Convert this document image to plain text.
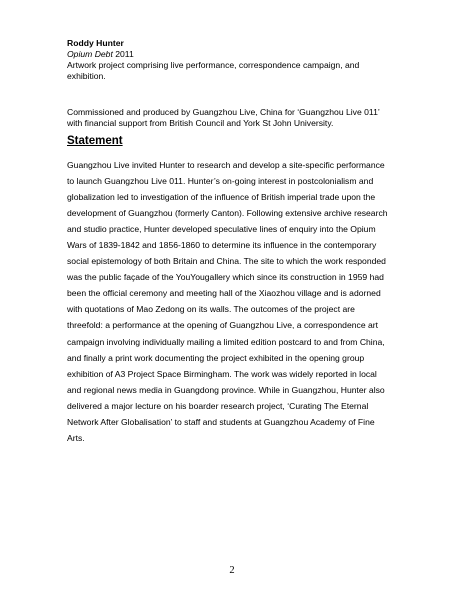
Roddy Hunter
Opium Debt 2011
Artwork project comprising live performance, correspondence campaign, and exhibition.
Commissioned and produced by Guangzhou Live, China for ‘Guangzhou Live 011’ with financial support from British Council and York St John University.
Statement
Guangzhou Live invited Hunter to research and develop a site-specific performance
to launch Guangzhou Live 011. Hunter’s on-going interest in postcolonialism and
globalization led to investigation of the influence of British imperial trade upon the
development of Guangzhou (formerly Canton). Following extensive archive research
and studio practice, Hunter developed speculative lines of enquiry into the Opium
Wars of 1839-1842 and 1856-1860 to determine its influence in the contemporary
social epistemology of both Britain and China. The site to which the work responded
was the public façade of the YouYougallery which since its construction in 1959 had
been the official ceremony and meeting hall of the Xiaozhou village and is adorned
with quotations of Mao Zedong on its walls. The outcomes of the project are
threefold: a performance at the opening of Guangzhou Live, a correspondence art
campaign involving individually mailing a limited edition postcard to and from China,
and finally a print work documenting the project exhibited in the opening group
exhibition of A3 Project Space Birmingham. The work was widely reported in local
and regional news media in Guangdong province. While in Guangzhou, Hunter also
delivered a major lecture on his boarder research project, ‘Curating The Eternal
Network After Globalisation’ to staff and students at Guangzhou Academy of Fine
Arts.
2
